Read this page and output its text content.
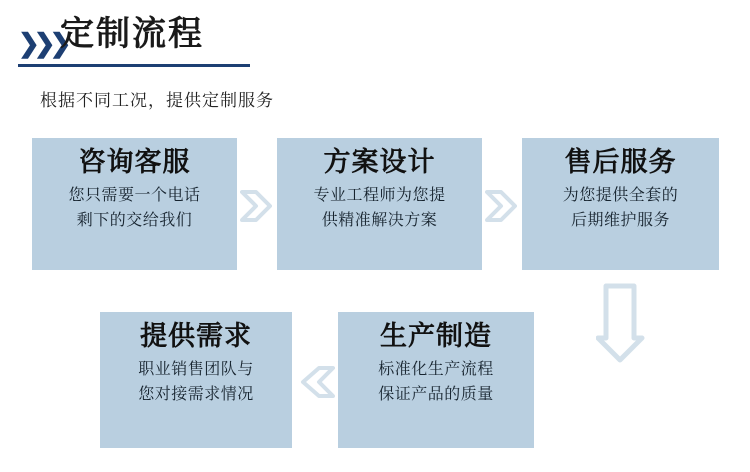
❯❯❯
定制流程
根据不同工况，提供定制服务
咨询客服
您只需要一个电话
剩下的交给我们
方案设计
专业工程师为您提
供精准解决方案
售后服务
为您提供全套的
后期维护服务
提供需求
职业销售团队与
您对接需求情况
生产制造
标准化生产流程
保证产品的质量
